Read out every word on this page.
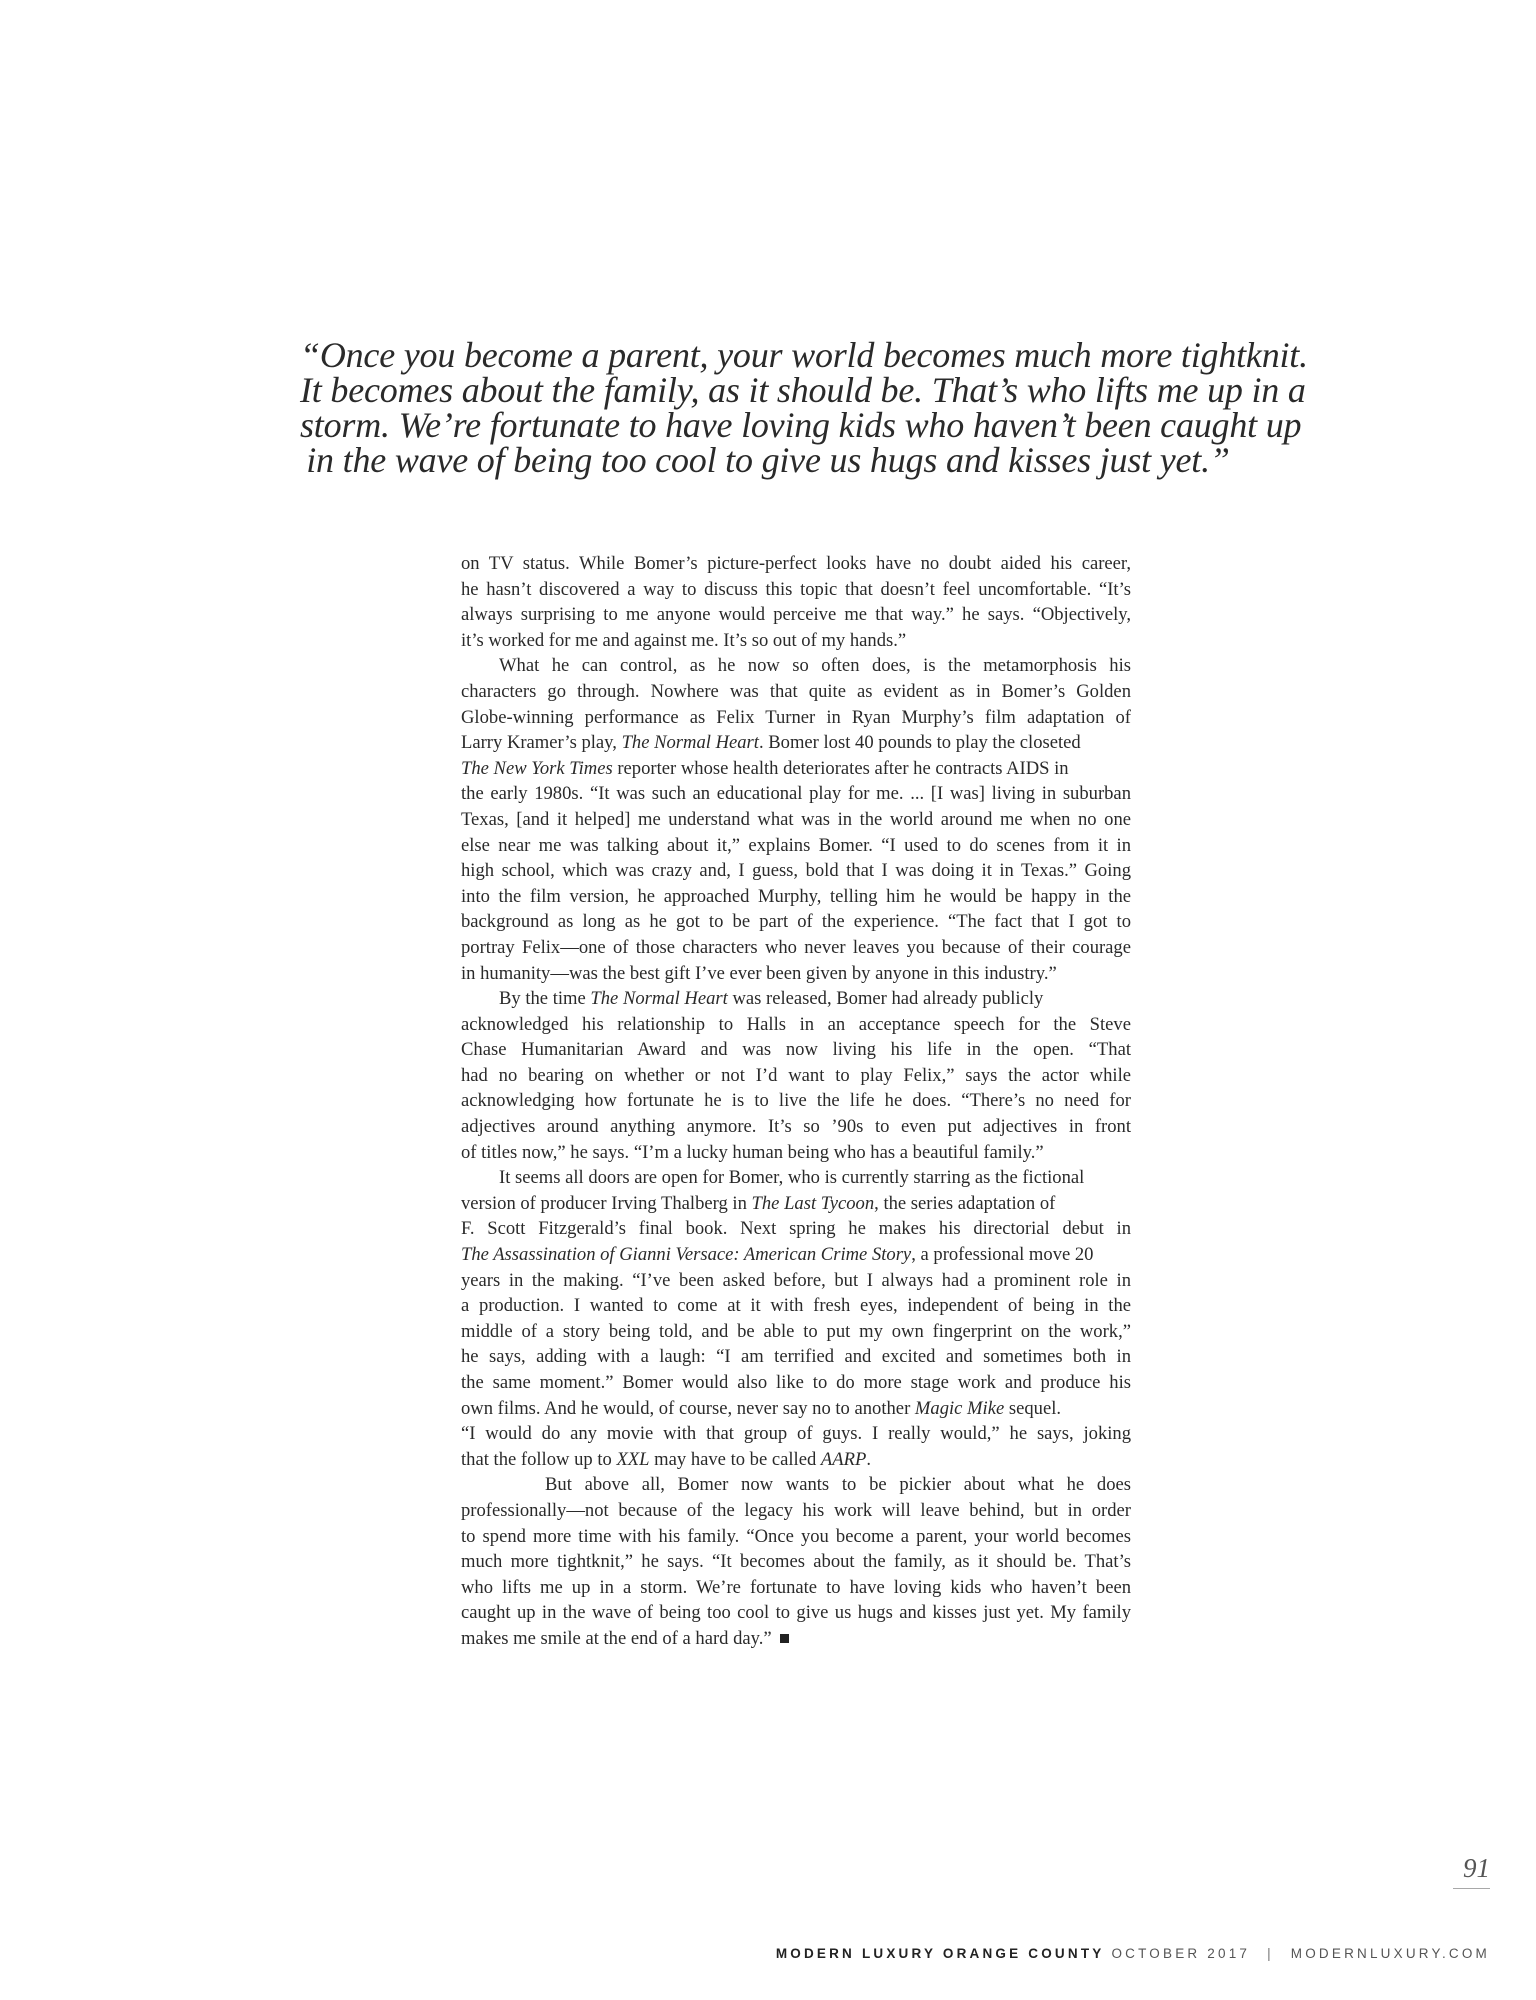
“Once you become a parent, your world becomes much more tightknit.
It becomes about the family, as it should be. That’s who lifts me up in a
storm. We’re fortunate to have loving kids who haven’t been caught up
in the wave of being too cool to give us hugs and kisses just yet.”
on TV status. While Bomer’s picture-perfect looks have no doubt aided his career,
he hasn’t discovered a way to discuss this topic that doesn’t feel uncomfortable. “It’s
always surprising to me anyone would perceive me that way.” he says. “Objectively,
it’s worked for me and against me. It’s so out of my hands.”
What he can control, as he now so often does, is the metamorphosis his
characters go through. Nowhere was that quite as evident as in Bomer’s Golden
Globe-winning performance as Felix Turner in Ryan Murphy’s film adaptation of
Larry Kramer’s play, The Normal Heart. Bomer lost 40 pounds to play the closeted
The New York Times reporter whose health deteriorates after he contracts AIDS in
the early 1980s. “It was such an educational play for me. ... [I was] living in suburban
Texas, [and it helped] me understand what was in the world around me when no one
else near me was talking about it,” explains Bomer. “I used to do scenes from it in
high school, which was crazy and, I guess, bold that I was doing it in Texas.” Going
into the film version, he approached Murphy, telling him he would be happy in the
background as long as he got to be part of the experience. “The fact that I got to
portray Felix—one of those characters who never leaves you because of their courage
in humanity—was the best gift I’ve ever been given by anyone in this industry.”
By the time The Normal Heart was released, Bomer had already publicly
acknowledged his relationship to Halls in an acceptance speech for the Steve
Chase Humanitarian Award and was now living his life in the open. “That
had no bearing on whether or not I’d want to play Felix,” says the actor while
acknowledging how fortunate he is to live the life he does. “There’s no need for
adjectives around anything anymore. It’s so ’90s to even put adjectives in front
of titles now,” he says. “I’m a lucky human being who has a beautiful family.”
It seems all doors are open for Bomer, who is currently starring as the fictional
version of producer Irving Thalberg in The Last Tycoon, the series adaptation of
F. Scott Fitzgerald’s final book. Next spring he makes his directorial debut in
The Assassination of Gianni Versace: American Crime Story, a professional move 20
years in the making. “I’ve been asked before, but I always had a prominent role in
a production. I wanted to come at it with fresh eyes, independent of being in the
middle of a story being told, and be able to put my own fingerprint on the work,”
he says, adding with a laugh: “I am terrified and excited and sometimes both in
the same moment.” Bomer would also like to do more stage work and produce his
own films. And he would, of course, never say no to another Magic Mike sequel.
“I would do any movie with that group of guys. I really would,” he says, joking
that the follow up to XXL may have to be called AARP.
But above all, Bomer now wants to be pickier about what he does
professionally—not because of the legacy his work will leave behind, but in order
to spend more time with his family. “Once you become a parent, your world becomes
much more tightknit,” he says. “It becomes about the family, as it should be. That’s
who lifts me up in a storm. We’re fortunate to have loving kids who haven’t been
caught up in the wave of being too cool to give us hugs and kisses just yet. My family
makes me smile at the end of a hard day.”
91
MODERN LUXURY ORANGE COUNTY OCTOBER 2017 | MODERNLUXURY.COM
